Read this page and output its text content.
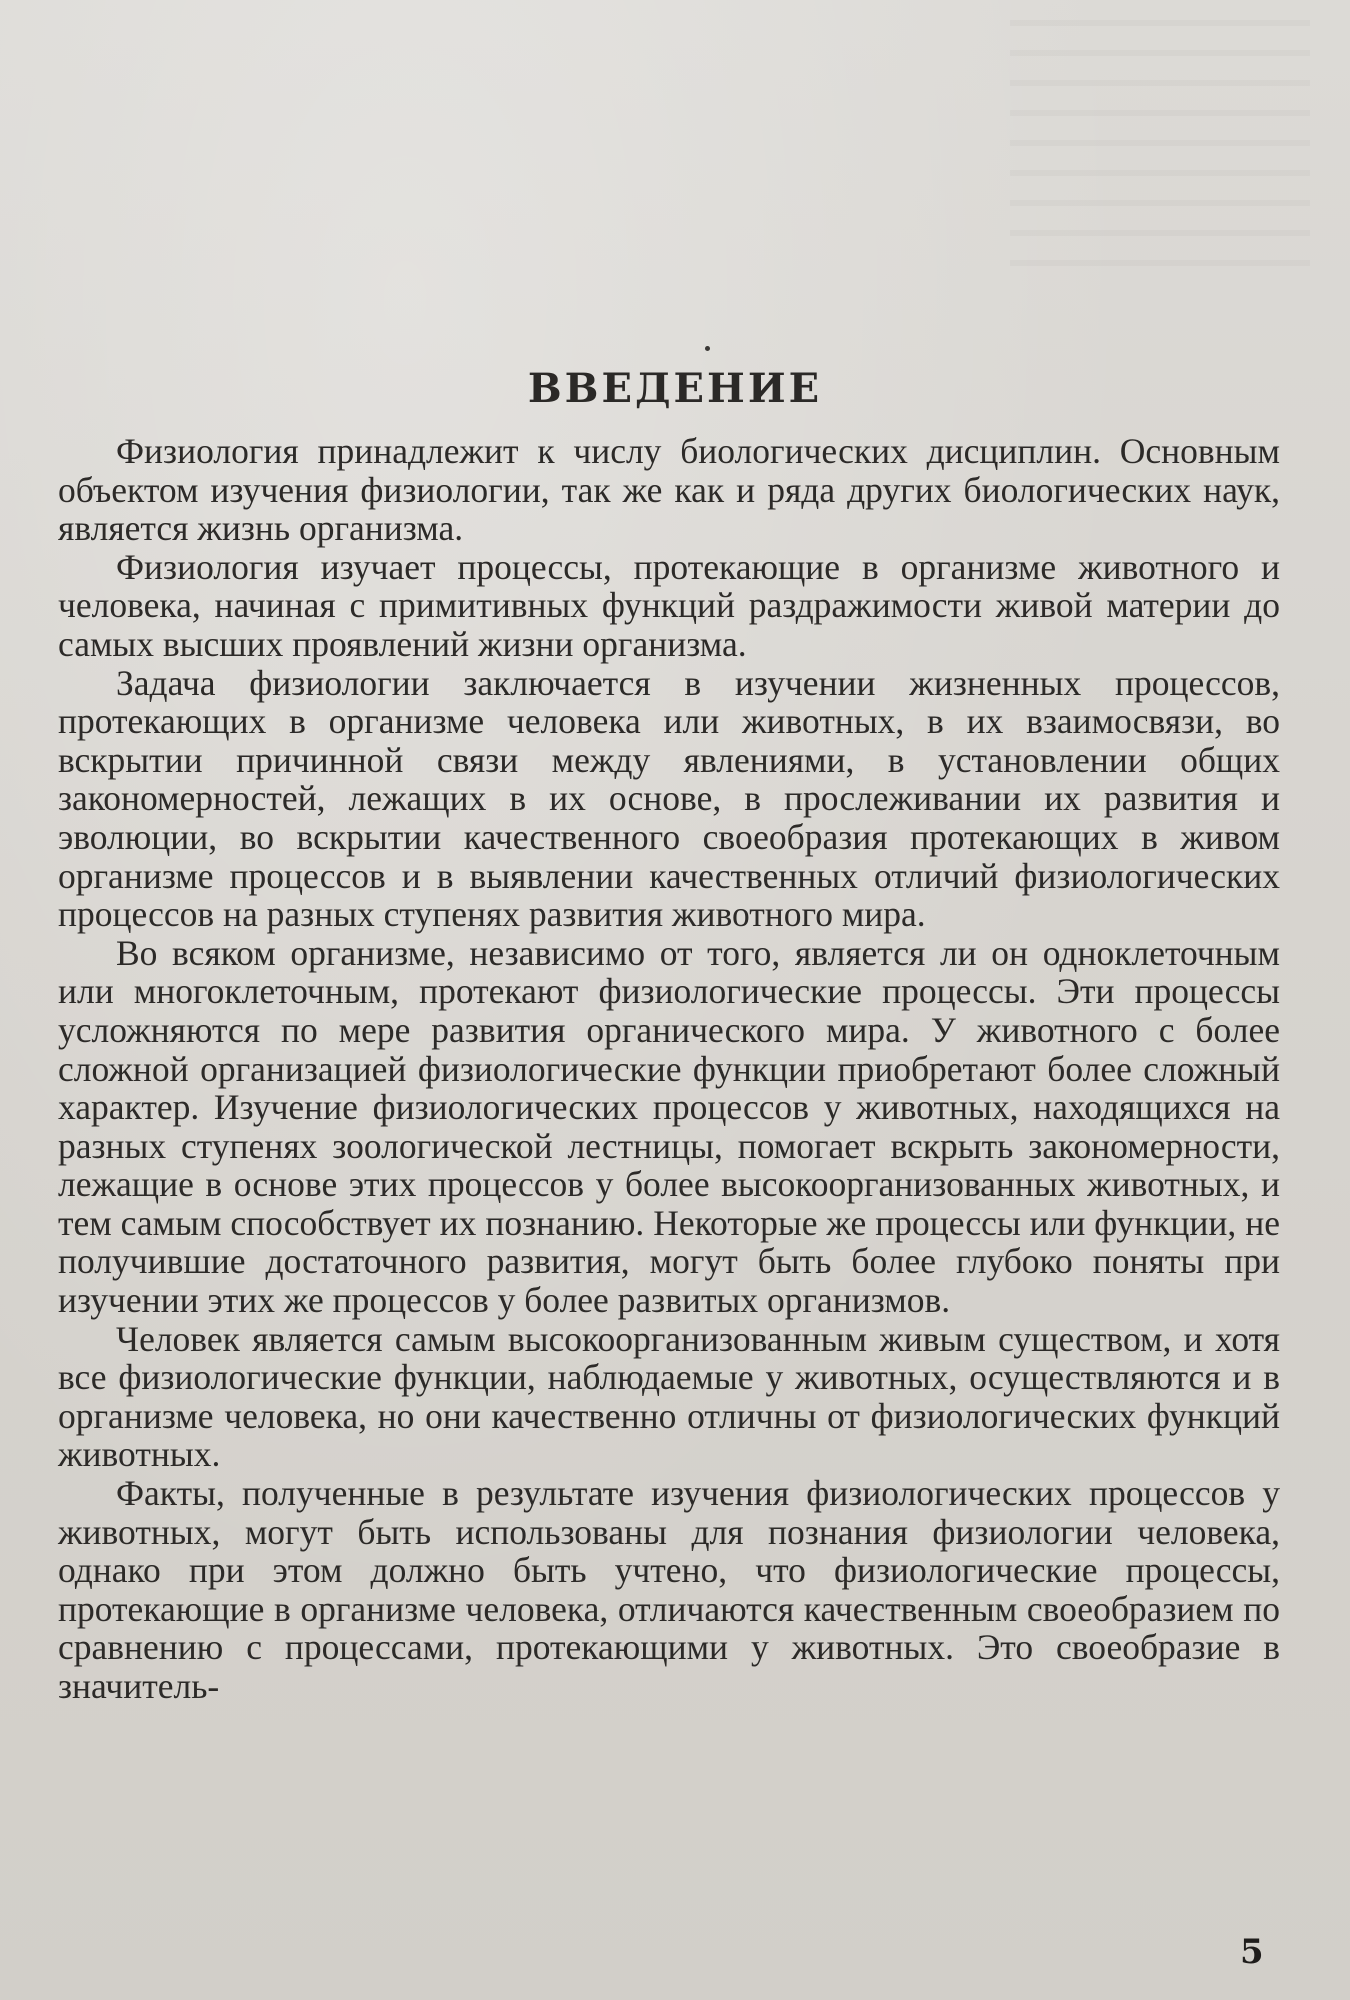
ВВЕДЕНИЕ

Физиология принадлежит к числу биологических дисциплин. Основным объектом изучения физиологии, так же как и ряда других биологических наук, является жизнь организма.

Физиология изучает процессы, протекающие в организме животного и человека, начиная с примитивных функций раздражимости живой материи до самых высших проявлений жизни организма.

Задача физиологии заключается в изучении жизненных процессов, протекающих в организме человека или животных, в их взаимосвязи, во вскрытии причинной связи между явлениями, в установлении общих закономерностей, лежащих в их основе, в прослеживании их развития и эволюции, во вскрытии качественного своеобразия протекающих в живом организме процессов и в выявлении качественных отличий физиологических процессов на разных ступенях развития животного мира.

Во всяком организме, независимо от того, является ли он одноклеточным или многоклеточным, протекают физиологические процессы. Эти процессы усложняются по мере развития органического мира. У животного с более сложной организацией физиологические функции приобретают более сложный характер. Изучение физиологических процессов у животных, находящихся на разных ступенях зоологической лестницы, помогает вскрыть закономерности, лежащие в основе этих процессов у более высокоорганизованных животных, и тем самым способствует их познанию. Некоторые же процессы или функции, не получившие достаточного развития, могут быть более глубоко поняты при изучении этих же процессов у более развитых организмов.

Человек является самым высокоорганизованным живым существом, и хотя все физиологические функции, наблюдаемые у животных, осуществляются и в организме человека, но они качественно отличны от физиологических функций животных.

Факты, полученные в результате изучения физиологических процессов у животных, могут быть использованы для познания физиологии человека, однако при этом должно быть учтено, что физиологические процессы, протекающие в организме человека, отличаются качественным своеобразием по сравнению с процессами, протекающими у животных. Это своеобразие в значитель-

5
